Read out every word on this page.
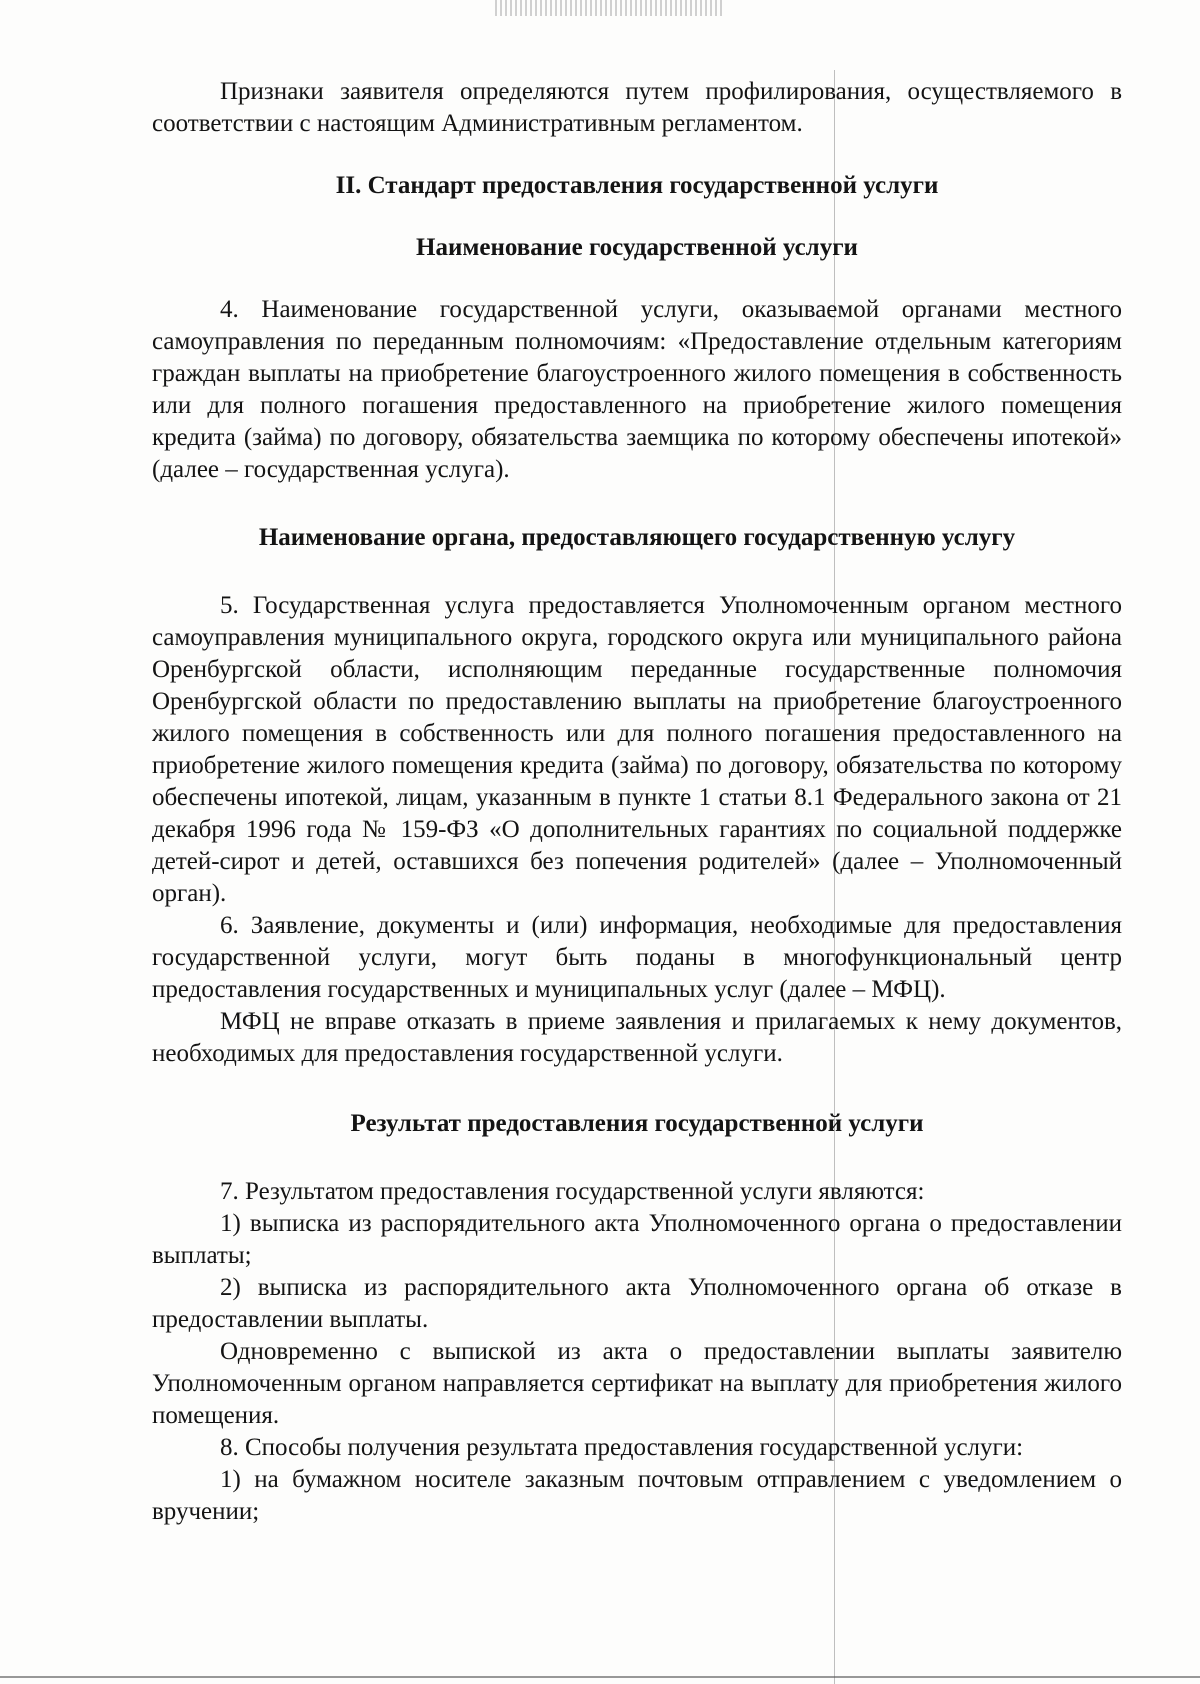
Признаки заявителя определяются путем профилирования, осуществляемого в соответствии с настоящим Административным регламентом.

II. Стандарт предоставления государственной услуги
Наименование государственной услуги

4. Наименование государственной услуги, оказываемой органами местного самоуправления по переданным полномочиям: «Предоставление отдельным категориям граждан выплаты на приобретение благоустроенного жилого помещения в собственность или для полного погашения предоставленного на приобретение жилого помещения кредита (займа) по договору, обязательства заемщика по которому обеспечены ипотекой» (далее – государственная услуга).

Наименование органа, предоставляющего государственную услугу

5. Государственная услуга предоставляется Уполномоченным органом местного самоуправления муниципального округа, городского округа или муниципального района Оренбургской области, исполняющим переданные государственные полномочия Оренбургской области по предоставлению выплаты на приобретение благоустроенного жилого помещения в собственность или для полного погашения предоставленного на приобретение жилого помещения кредита (займа) по договору, обязательства по которому обеспечены ипотекой, лицам, указанным в пункте 1 статьи 8.1 Федерального закона от 21 декабря 1996 года № 159-ФЗ «О дополнительных гарантиях по социальной поддержке детей-сирот и детей, оставшихся без попечения родителей» (далее – Уполномоченный орган).

6. Заявление, документы и (или) информация, необходимые для предоставления государственной услуги, могут быть поданы в многофункциональный центр предоставления государственных и муниципальных услуг (далее – МФЦ).

МФЦ не вправе отказать в приеме заявления и прилагаемых к нему документов, необходимых для предоставления государственной услуги.

Результат предоставления государственной услуги

7. Результатом предоставления государственной услуги являются:

1) выписка из распорядительного акта Уполномоченного органа о предоставлении выплаты;

2) выписка из распорядительного акта Уполномоченного органа об отказе в предоставлении выплаты.

Одновременно с выпиской из акта о предоставлении выплаты заявителю Уполномоченным органом направляется сертификат на выплату для приобретения жилого помещения.

8. Способы получения результата предоставления государственной услуги:

1) на бумажном носителе заказным почтовым отправлением с уведомлением о вручении;
